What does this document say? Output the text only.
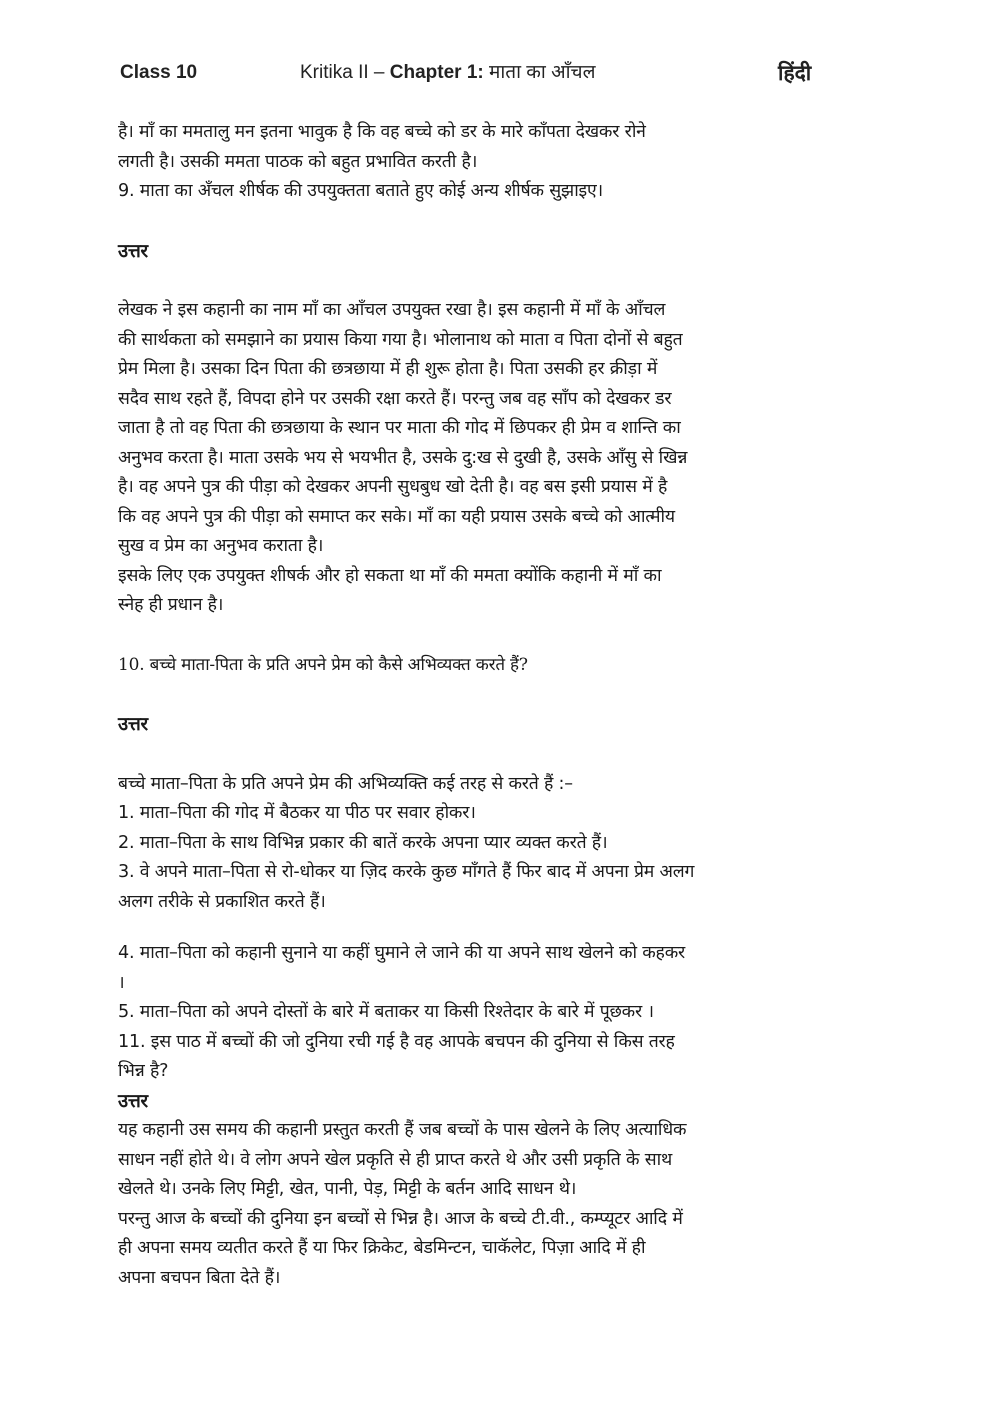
Class 10	Kritika II – Chapter 1: माता का आँचल	हिंदी

है। माँ का ममतालु मन इतना भावुक है कि वह बच्चे को डर के मारे काँपता देखकर रोने

लगती है। उसकी ममता पाठक को बहुत प्रभावित करती है।

9. माता का अँचल शीर्षक की उपयुक्तता बताते हुए कोई अन्य शीर्षक सुझाइए।

उत्तर

लेखक ने इस कहानी का नाम माँ का आँचल उपयुक्त रखा है। इस कहानी में माँ के आँचल

की सार्थकता को समझाने का प्रयास किया गया है। भोलानाथ को माता व पिता दोनों से बहुत

प्रेम मिला है। उसका दिन पिता की छत्रछाया में ही शुरू होता है। पिता उसकी हर क्रीड़ा में

सदैव साथ रहते हैं, विपदा होने पर उसकी रक्षा करते हैं। परन्तु जब वह साँप को देखकर डर

जाता है तो वह पिता की छत्रछाया के स्थान पर माता की गोद में छिपकर ही प्रेम व शान्ति का

अनुभव करता है। माता उसके भय से भयभीत है, उसके दु:ख से दुखी है, उसके आँसु से खिन्न

है। वह अपने पुत्र की पीड़ा को देखकर अपनी सुधबुध खो देती है। वह बस इसी प्रयास में है

कि वह अपने पुत्र की पीड़ा को समाप्त कर सके। माँ का यही प्रयास उसके बच्चे को आत्मीय

सुख व प्रेम का अनुभव कराता है।

इसके लिए एक उपयुक्त शीषर्क और हो सकता था माँ की ममता क्योंकि कहानी में माँ का

स्नेह ही प्रधान है।

10. बच्चे माता-पिता के प्रति अपने प्रेम को कैसे अभिव्यक्त करते हैं?

उत्तर

बच्चे माता–पिता के प्रति अपने प्रेम की अभिव्यक्ति कई तरह से करते हैं :–

1. माता–पिता की गोद में बैठकर या पीठ पर सवार होकर।

2. माता–पिता के साथ विभिन्न प्रकार की बातें करके अपना प्यार व्यक्त करते हैं।

3. वे अपने माता–पिता से रो-धोकर या ज़िद करके कुछ माँगते हैं फिर बाद में अपना प्रेम अलग

अलग तरीके से प्रकाशित करते हैं।

4. माता–पिता को कहानी सुनाने या कहीं घुमाने ले जाने की या अपने साथ खेलने को कहकर

।

5. माता–पिता को अपने दोस्तों के बारे में बताकर या किसी रिश्तेदार के बारे में पूछकर ।

11. इस पाठ में बच्चों की जो दुनिया रची गई है वह आपके बचपन की दुनिया से किस तरह

भिन्न है?

उत्तर

यह कहानी उस समय की कहानी प्रस्तुत करती हैं जब बच्चों के पास खेलने के लिए अत्याधिक

साधन नहीं होते थे। वे लोग अपने खेल प्रकृति से ही प्राप्त करते थे और उसी प्रकृति के साथ

खेलते थे। उनके लिए मिट्टी, खेत, पानी, पेड़, मिट्टी के बर्तन आदि साधन थे।

परन्तु आज के बच्चों की दुनिया इन बच्चों से भिन्न है। आज के बच्चे टी.वी., कम्प्यूटर आदि में

ही अपना समय व्यतीत करते हैं या फिर क्रिकेट, बेडमिन्टन, चाकॅलेट, पिज़ा आदि में ही

अपना बचपन बिता देते हैं।
